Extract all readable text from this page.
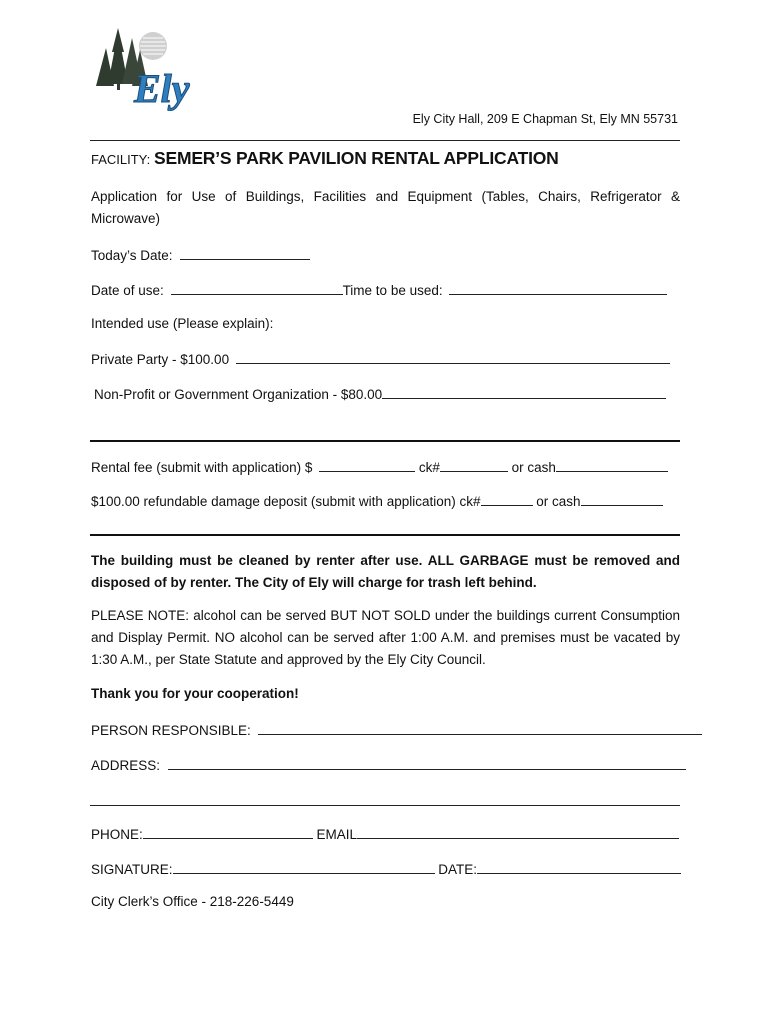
Ely
Ely City Hall, 209 E Chapman St, Ely MN 55731
FACILITY: SEMER’S PARK PAVILION RENTAL APPLICATION
Application for Use of Buildings, Facilities and Equipment (Tables, Chairs, Refrigerator & Microwave)
Today’s Date:
Date of use:	Time to be used:
Intended use (Please explain):
Private Party - $100.00
Non-Profit or Government Organization - $80.00
Rental fee (submit with application) $	ck#	or cash
$100.00 refundable damage deposit (submit with application) ck#	or cash
The building must be cleaned by renter after use. ALL GARBAGE must be removed and disposed of by renter. The City of Ely will charge for trash left behind.
PLEASE NOTE: alcohol can be served BUT NOT SOLD under the buildings current Consumption and Display Permit. NO alcohol can be served after 1:00 A.M. and premises must be vacated by 1:30 A.M., per State Statute and approved by the Ely City Council.
Thank you for your cooperation!
PERSON RESPONSIBLE:
ADDRESS:
PHONE:	EMAIL
SIGNATURE:	DATE:
City Clerk’s Office - 218-226-5449
